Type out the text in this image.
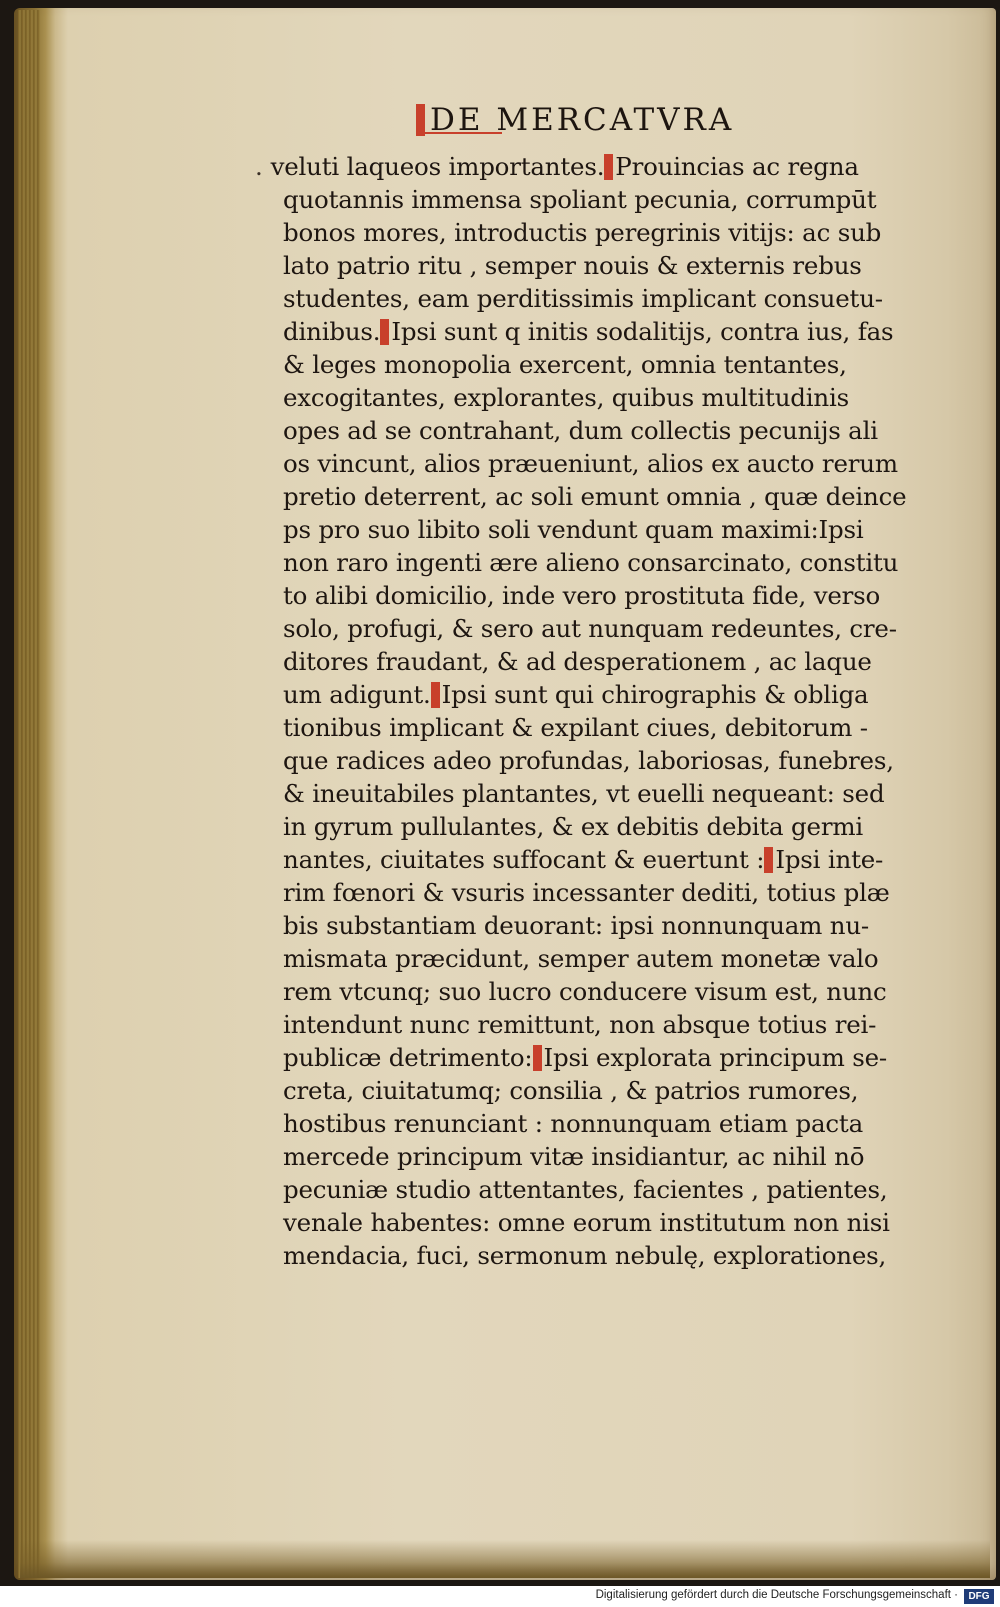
DE MERCATVRA
. veluti laqueos importantes. Prouincias ac regna
quotannis immensa spoliant pecunia, corrumpūt
bonos mores, introductis peregrinis vitijs: ac sub
lato patrio ritu , semper nouis & externis rebus
studentes, eam perditissimis implicant consuetu-
dinibus. Ipsi sunt q initis sodalitijs, contra ius, fas
& leges monopolia exercent, omnia tentantes,
excogitantes, explorantes, quibus multitudinis
opes ad se contrahant, dum collectis pecunijs ali
os vincunt, alios præueniunt, alios ex aucto rerum
pretio deterrent, ac soli emunt omnia , quæ deince
ps pro suo libito soli vendunt quam maximi:Ipsi
non raro ingenti ære alieno consarcinato, constitu
to alibi domicilio, inde vero prostituta fide, verso
solo, profugi, & sero aut nunquam redeuntes, cre-
ditores fraudant, & ad desperationem , ac laque
um adigunt. Ipsi sunt qui chirographis & obliga
tionibus implicant & expilant ciues, debitorum -
que radices adeo profundas, laboriosas, funebres,
& ineuitabiles plantantes, vt euelli nequeant: sed
in gyrum pullulantes, & ex debitis debita germi
nantes, ciuitates suffocant & euertunt : Ipsi inte-
rim fœnori & vsuris incessanter dediti, totius plæ
bis substantiam deuorant: ipsi nonnunquam nu-
mismata præcidunt, semper autem monetæ valo
rem vtcunq; suo lucro conducere visum est, nunc
intendunt nunc remittunt, non absque totius rei-
publicæ detrimento: Ipsi explorata principum se-
creta, ciuitatumq; consilia , & patrios rumores,
hostibus renunciant : nonnunquam etiam pacta
mercede principum vitæ insidiantur, ac nihil nō
pecuniæ studio attentantes, facientes , patientes,
venale habentes: omne eorum institutum non nisi
mendacia, fuci, sermonum nebulę, explorationes,
Digitalisierung gefördert durch die Deutsche Forschungsgemeinschaft ·	DFG
